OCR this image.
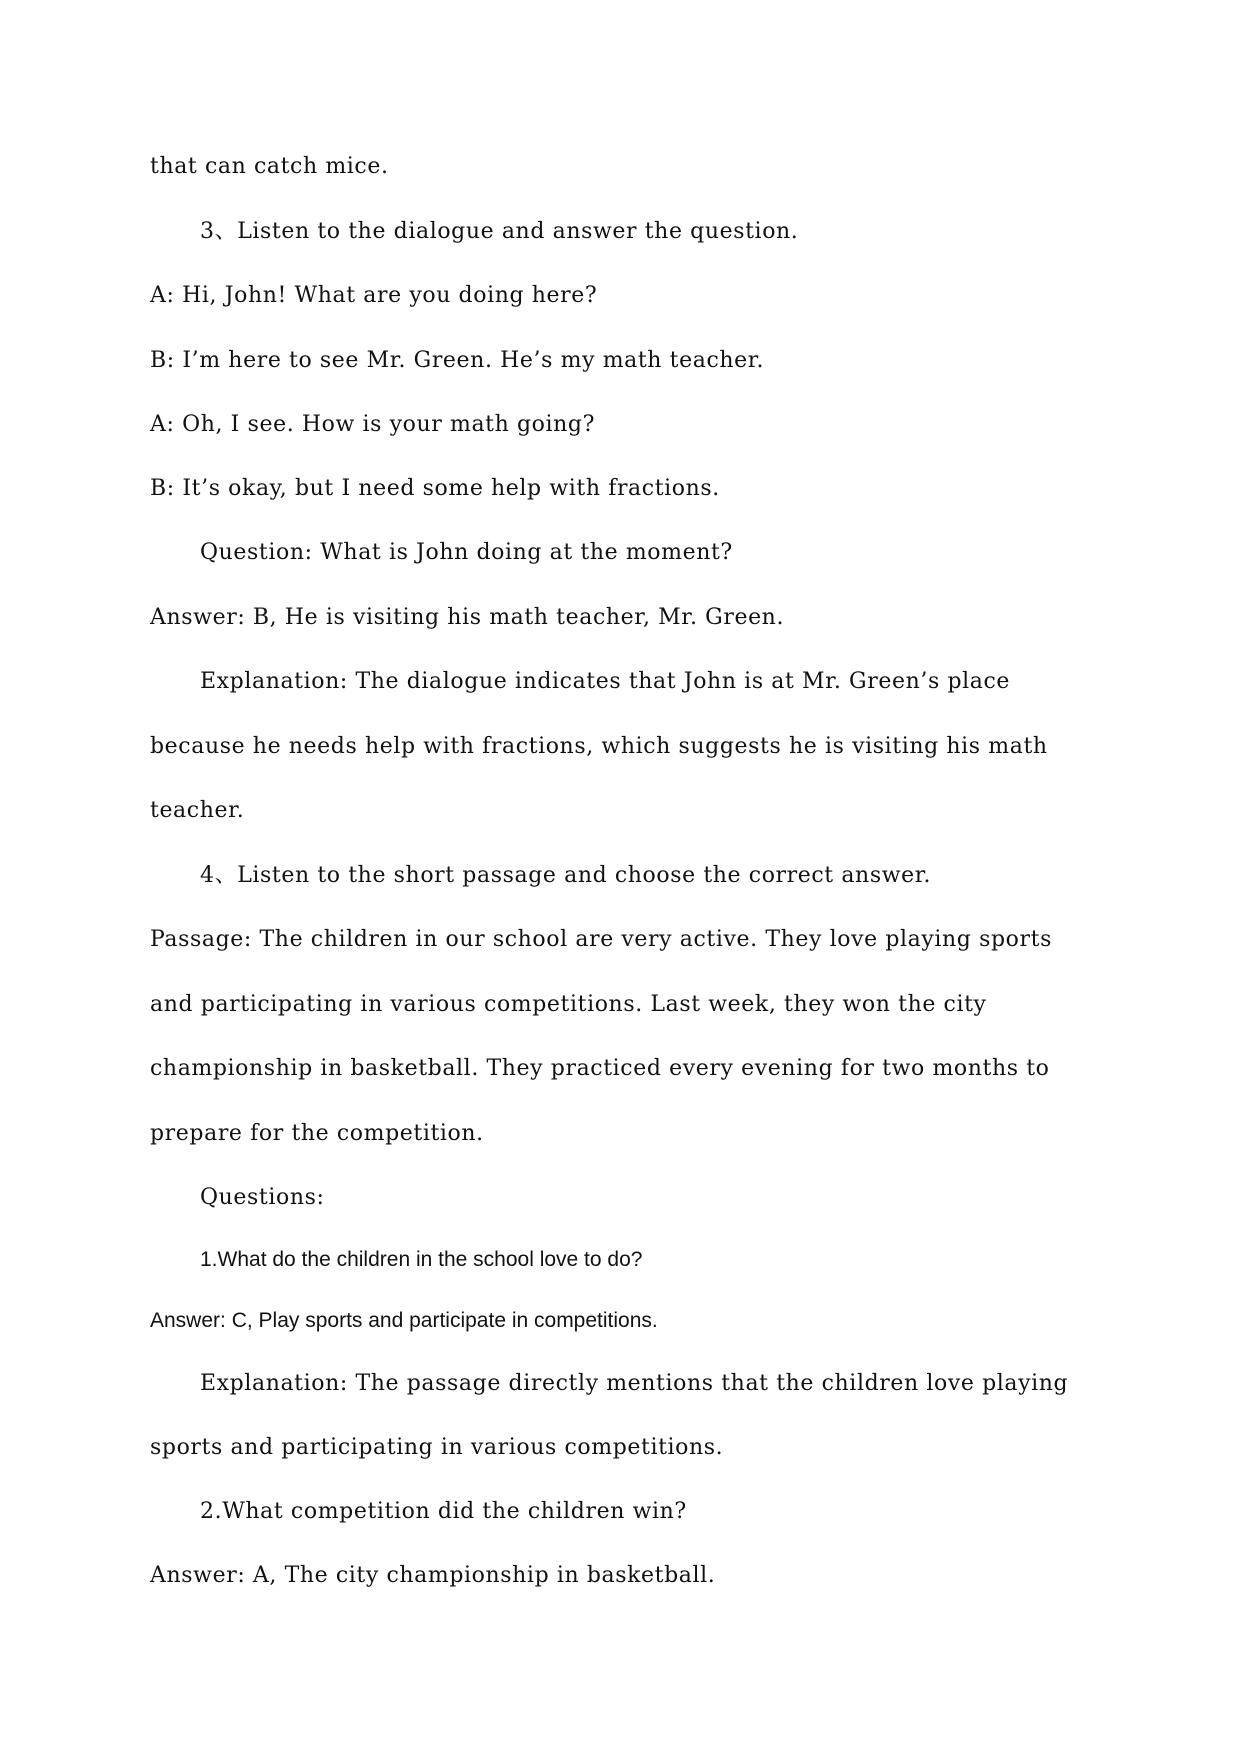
that can catch mice.
3、Listen to the dialogue and answer the question.
A: Hi, John! What are you doing here?
B: I’m here to see Mr. Green. He’s my math teacher.
A: Oh, I see. How is your math going?
B: It’s okay, but I need some help with fractions.
Question: What is John doing at the moment?
Answer: B, He is visiting his math teacher, Mr. Green.
Explanation: The dialogue indicates that John is at Mr. Green’s place
because he needs help with fractions, which suggests he is visiting his math
teacher.
4、Listen to the short passage and choose the correct answer.
Passage: The children in our school are very active. They love playing sports
and participating in various competitions. Last week, they won the city
championship in basketball. They practiced every evening for two months to
prepare for the competition.
Questions:
1.What do the children in the school love to do?
Answer: C, Play sports and participate in competitions.
Explanation: The passage directly mentions that the children love playing
sports and participating in various competitions.
2.What competition did the children win?
Answer: A, The city championship in basketball.
